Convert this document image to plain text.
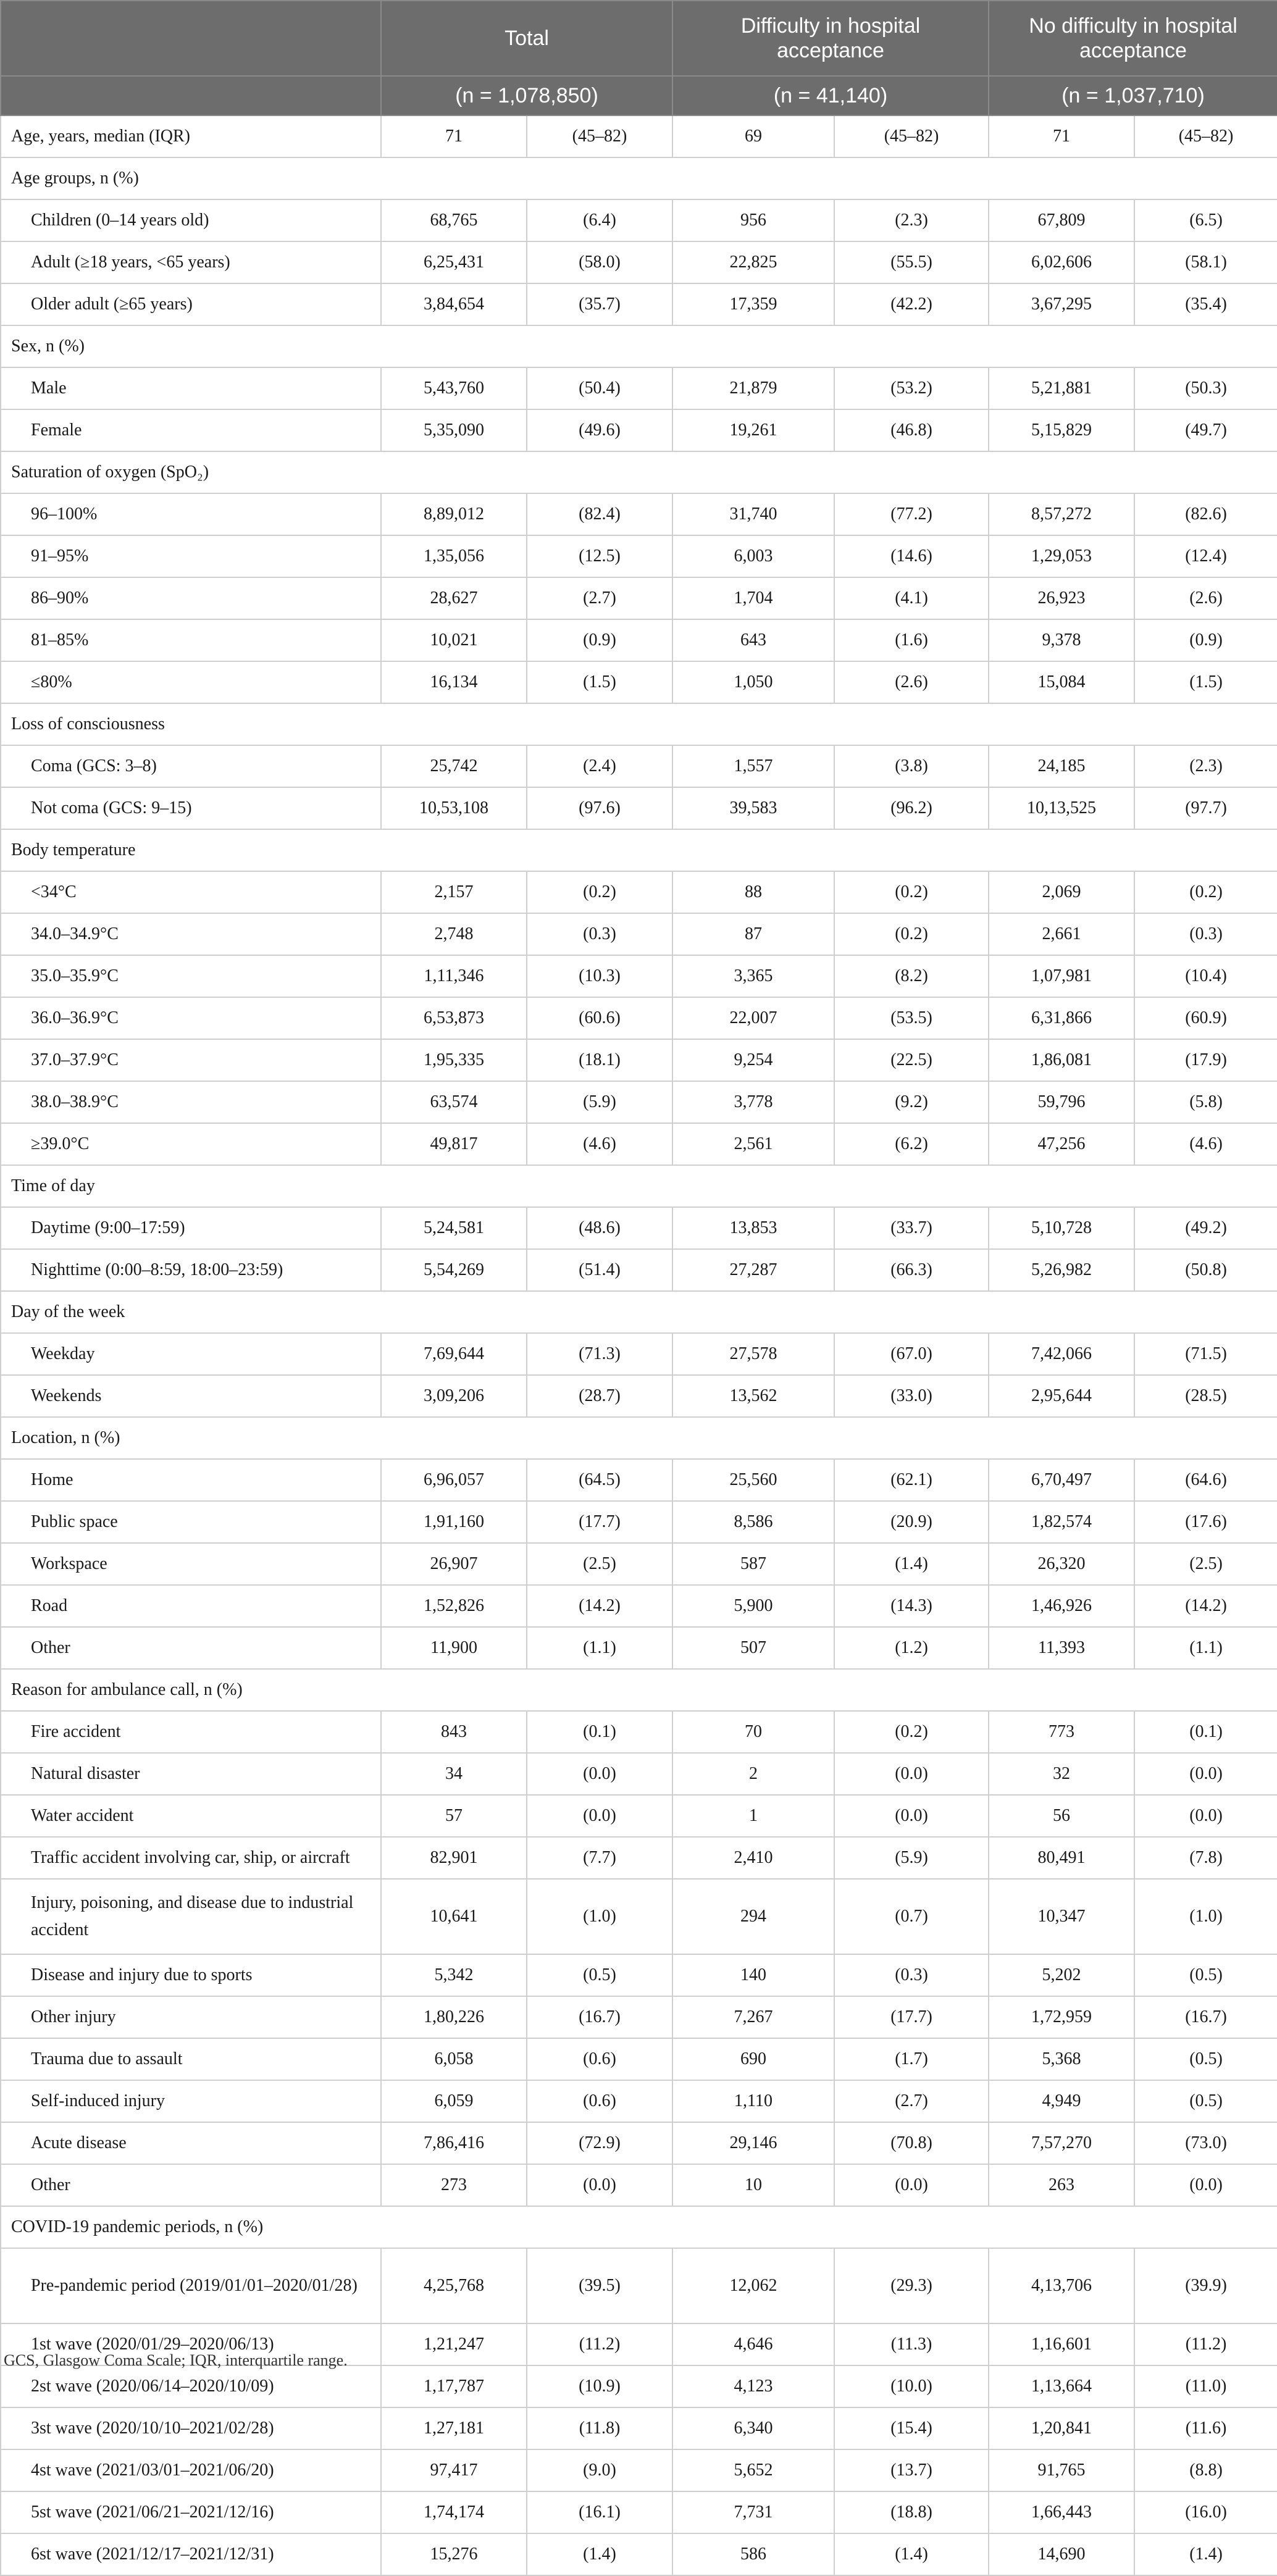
	Total		Difficulty in hospital acceptance		No difficulty in hospital acceptance	
	(n = 1,078,850)		(n = 41,140)		(n = 1,037,710)	
Age, years, median (IQR)	71	(45–82)	69	(45–82)	71	(45–82)
Age groups, n (%)						
Children (0–14 years old)	68,765	(6.4)	956	(2.3)	67,809	(6.5)
Adult (≥18 years, <65 years)	6,25,431	(58.0)	22,825	(55.5)	6,02,606	(58.1)
Older adult (≥65 years)	3,84,654	(35.7)	17,359	(42.2)	3,67,295	(35.4)
Sex, n (%)						
Male	5,43,760	(50.4)	21,879	(53.2)	5,21,881	(50.3)
Female	5,35,090	(49.6)	19,261	(46.8)	5,15,829	(49.7)
Saturation of oxygen (SpO₂)						
96–100%	8,89,012	(82.4)	31,740	(77.2)	8,57,272	(82.6)
91–95%	1,35,056	(12.5)	6,003	(14.6)	1,29,053	(12.4)
86–90%	28,627	(2.7)	1,704	(4.1)	26,923	(2.6)
81–85%	10,021	(0.9)	643	(1.6)	9,378	(0.9)
≤80%	16,134	(1.5)	1,050	(2.6)	15,084	(1.5)
Loss of consciousness						
Coma (GCS: 3–8)	25,742	(2.4)	1,557	(3.8)	24,185	(2.3)
Not coma (GCS: 9–15)	10,53,108	(97.6)	39,583	(96.2)	10,13,525	(97.7)
Body temperature						
<34°C	2,157	(0.2)	88	(0.2)	2,069	(0.2)
34.0–34.9°C	2,748	(0.3)	87	(0.2)	2,661	(0.3)
35.0–35.9°C	1,11,346	(10.3)	3,365	(8.2)	1,07,981	(10.4)
36.0–36.9°C	6,53,873	(60.6)	22,007	(53.5)	6,31,866	(60.9)
37.0–37.9°C	1,95,335	(18.1)	9,254	(22.5)	1,86,081	(17.9)
38.0–38.9°C	63,574	(5.9)	3,778	(9.2)	59,796	(5.8)
≥39.0°C	49,817	(4.6)	2,561	(6.2)	47,256	(4.6)
Time of day						
Daytime (9:00–17:59)	5,24,581	(48.6)	13,853	(33.7)	5,10,728	(49.2)
Nighttime (0:00–8:59, 18:00–23:59)	5,54,269	(51.4)	27,287	(66.3)	5,26,982	(50.8)
Day of the week						
Weekday	7,69,644	(71.3)	27,578	(67.0)	7,42,066	(71.5)
Weekends	3,09,206	(28.7)	13,562	(33.0)	2,95,644	(28.5)
Location, n (%)						
Home	6,96,057	(64.5)	25,560	(62.1)	6,70,497	(64.6)
Public space	1,91,160	(17.7)	8,586	(20.9)	1,82,574	(17.6)
Workspace	26,907	(2.5)	587	(1.4)	26,320	(2.5)
Road	1,52,826	(14.2)	5,900	(14.3)	1,46,926	(14.2)
Other	11,900	(1.1)	507	(1.2)	11,393	(1.1)
Reason for ambulance call, n (%)						
Fire accident	843	(0.1)	70	(0.2)	773	(0.1)
Natural disaster	34	(0.0)	2	(0.0)	32	(0.0)
Water accident	57	(0.0)	1	(0.0)	56	(0.0)
Traffic accident involving car, ship, or aircraft	82,901	(7.7)	2,410	(5.9)	80,491	(7.8)
Injury, poisoning, and disease due to industrial accident	10,641	(1.0)	294	(0.7)	10,347	(1.0)
Disease and injury due to sports	5,342	(0.5)	140	(0.3)	5,202	(0.5)
Other injury	1,80,226	(16.7)	7,267	(17.7)	1,72,959	(16.7)
Trauma due to assault	6,058	(0.6)	690	(1.7)	5,368	(0.5)
Self-induced injury	6,059	(0.6)	1,110	(2.7)	4,949	(0.5)
Acute disease	7,86,416	(72.9)	29,146	(70.8)	7,57,270	(73.0)
Other	273	(0.0)	10	(0.0)	263	(0.0)
COVID-19 pandemic periods, n (%)						
Pre-pandemic period (2019/01/01–2020/01/28)	4,25,768	(39.5)	12,062	(29.3)	4,13,706	(39.9)
1st wave (2020/01/29–2020/06/13)	1,21,247	(11.2)	4,646	(11.3)	1,16,601	(11.2)
2st wave (2020/06/14–2020/10/09)	1,17,787	(10.9)	4,123	(10.0)	1,13,664	(11.0)
3st wave (2020/10/10–2021/02/28)	1,27,181	(11.8)	6,340	(15.4)	1,20,841	(11.6)
4st wave (2021/03/01–2021/06/20)	97,417	(9.0)	5,652	(13.7)	91,765	(8.8)
5st wave (2021/06/21–2021/12/16)	1,74,174	(16.1)	7,731	(18.8)	1,66,443	(16.0)
6st wave (2021/12/17–2021/12/31)	15,276	(1.4)	586	(1.4)	14,690	(1.4)
GCS, Glasgow Coma Scale; IQR, interquartile range.
